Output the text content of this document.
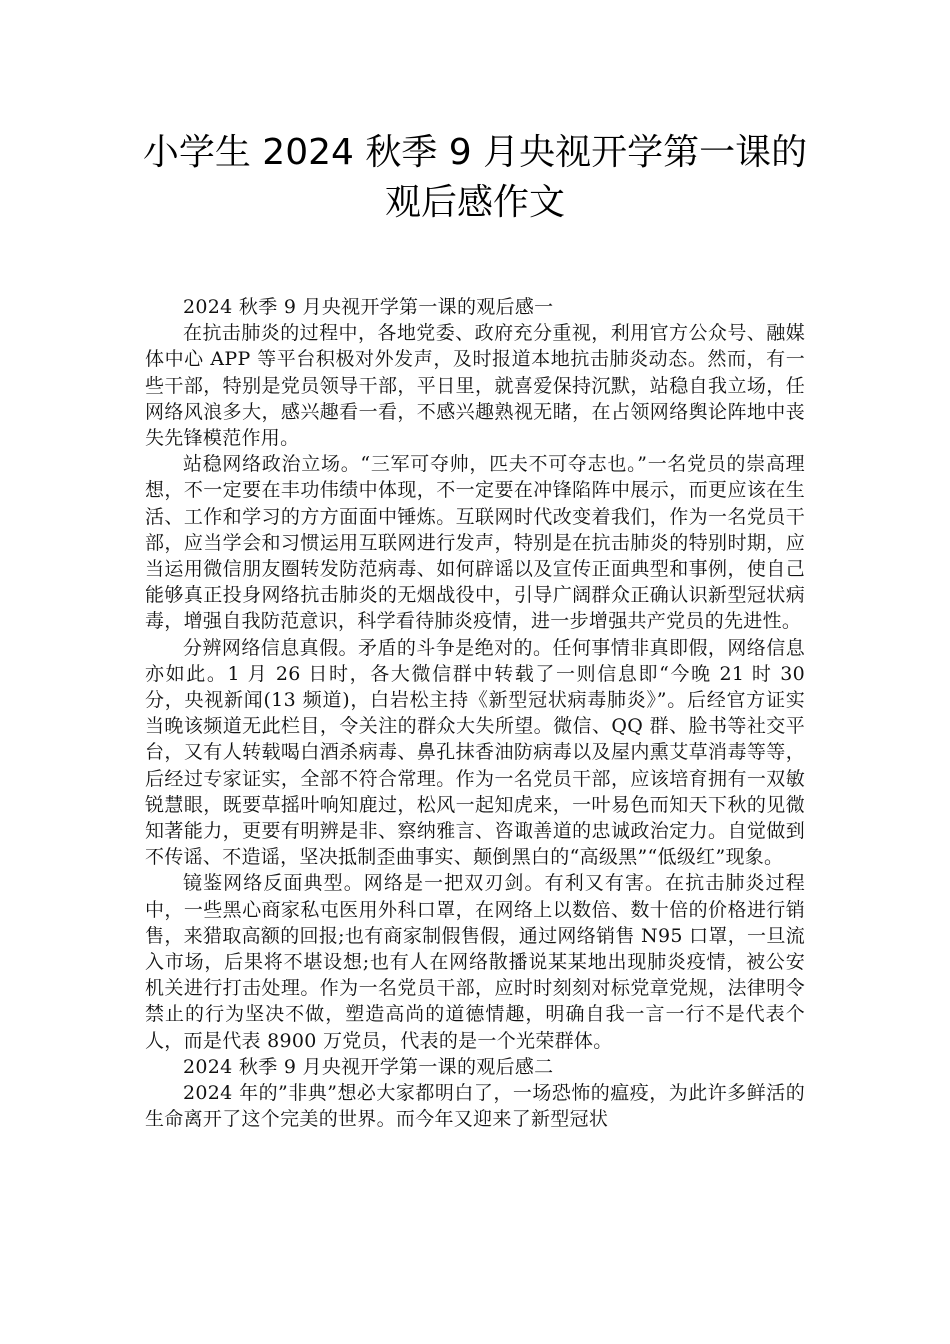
小学生 2024 秋季 9 月央视开学第一课的
观后感作文

2024 秋季 9 月央视开学第一课的观后感一

在抗击肺炎的过程中，各地党委、政府充分重视，利用官方公众号、融媒体中心 APP 等平台积极对外发声，及时报道本地抗击肺炎动态。然而，有一些干部，特别是党员领导干部，平日里，就喜爱保持沉默，站稳自我立场，任网络风浪多大，感兴趣看一看，不感兴趣熟视无睹，在占领网络舆论阵地中丧失先锋模范作用。

站稳网络政治立场。“三军可夺帅，匹夫不可夺志也。”一名党员的崇高理想，不一定要在丰功伟绩中体现，不一定要在冲锋陷阵中展示，而更应该在生活、工作和学习的方方面面中锤炼。互联网时代改变着我们，作为一名党员干部，应当学会和习惯运用互联网进行发声，特别是在抗击肺炎的特别时期，应当运用微信朋友圈转发防范病毒、如何辟谣以及宣传正面典型和事例，使自己能够真正投身网络抗击肺炎的无烟战役中，引导广阔群众正确认识新型冠状病毒，增强自我防范意识，科学看待肺炎疫情，进一步增强共产党员的先进性。

分辨网络信息真假。矛盾的斗争是绝对的。任何事情非真即假，网络信息亦如此。1 月 26 日时，各大微信群中转载了一则信息即“今晚 21 时 30 分，央视新闻(13 频道)，白岩松主持《新型冠状病毒肺炎》”。后经官方证实当晚该频道无此栏目，令关注的群众大失所望。微信、QQ 群、脸书等社交平台，又有人转载喝白酒杀病毒、鼻孔抹香油防病毒以及屋内熏艾草消毒等等，后经过专家证实，全部不符合常理。作为一名党员干部，应该培育拥有一双敏锐慧眼，既要草摇叶响知鹿过，松风一起知虎来，一叶易色而知天下秋的见微知著能力，更要有明辨是非、察纳雅言、咨诹善道的忠诚政治定力。自觉做到不传谣、不造谣，坚决抵制歪曲事实、颠倒黑白的“高级黑”“低级红”现象。

镜鉴网络反面典型。网络是一把双刃剑。有利又有害。在抗击肺炎过程中，一些黑心商家私屯医用外科口罩，在网络上以数倍、数十倍的价格进行销售，来猎取高额的回报;也有商家制假售假，通过网络销售 N95 口罩，一旦流入市场，后果将不堪设想;也有人在网络散播说某某地出现肺炎疫情，被公安机关进行打击处理。作为一名党员干部，应时时刻刻对标党章党规，法律明令禁止的行为坚决不做，塑造高尚的道德情趣，明确自我一言一行不是代表个人，而是代表 8900 万党员，代表的是一个光荣群体。

2024 秋季 9 月央视开学第一课的观后感二

2024 年的”非典”想必大家都明白了，一场恐怖的瘟疫，为此许多鲜活的生命离开了这个完美的世界。而今年又迎来了新型冠状
